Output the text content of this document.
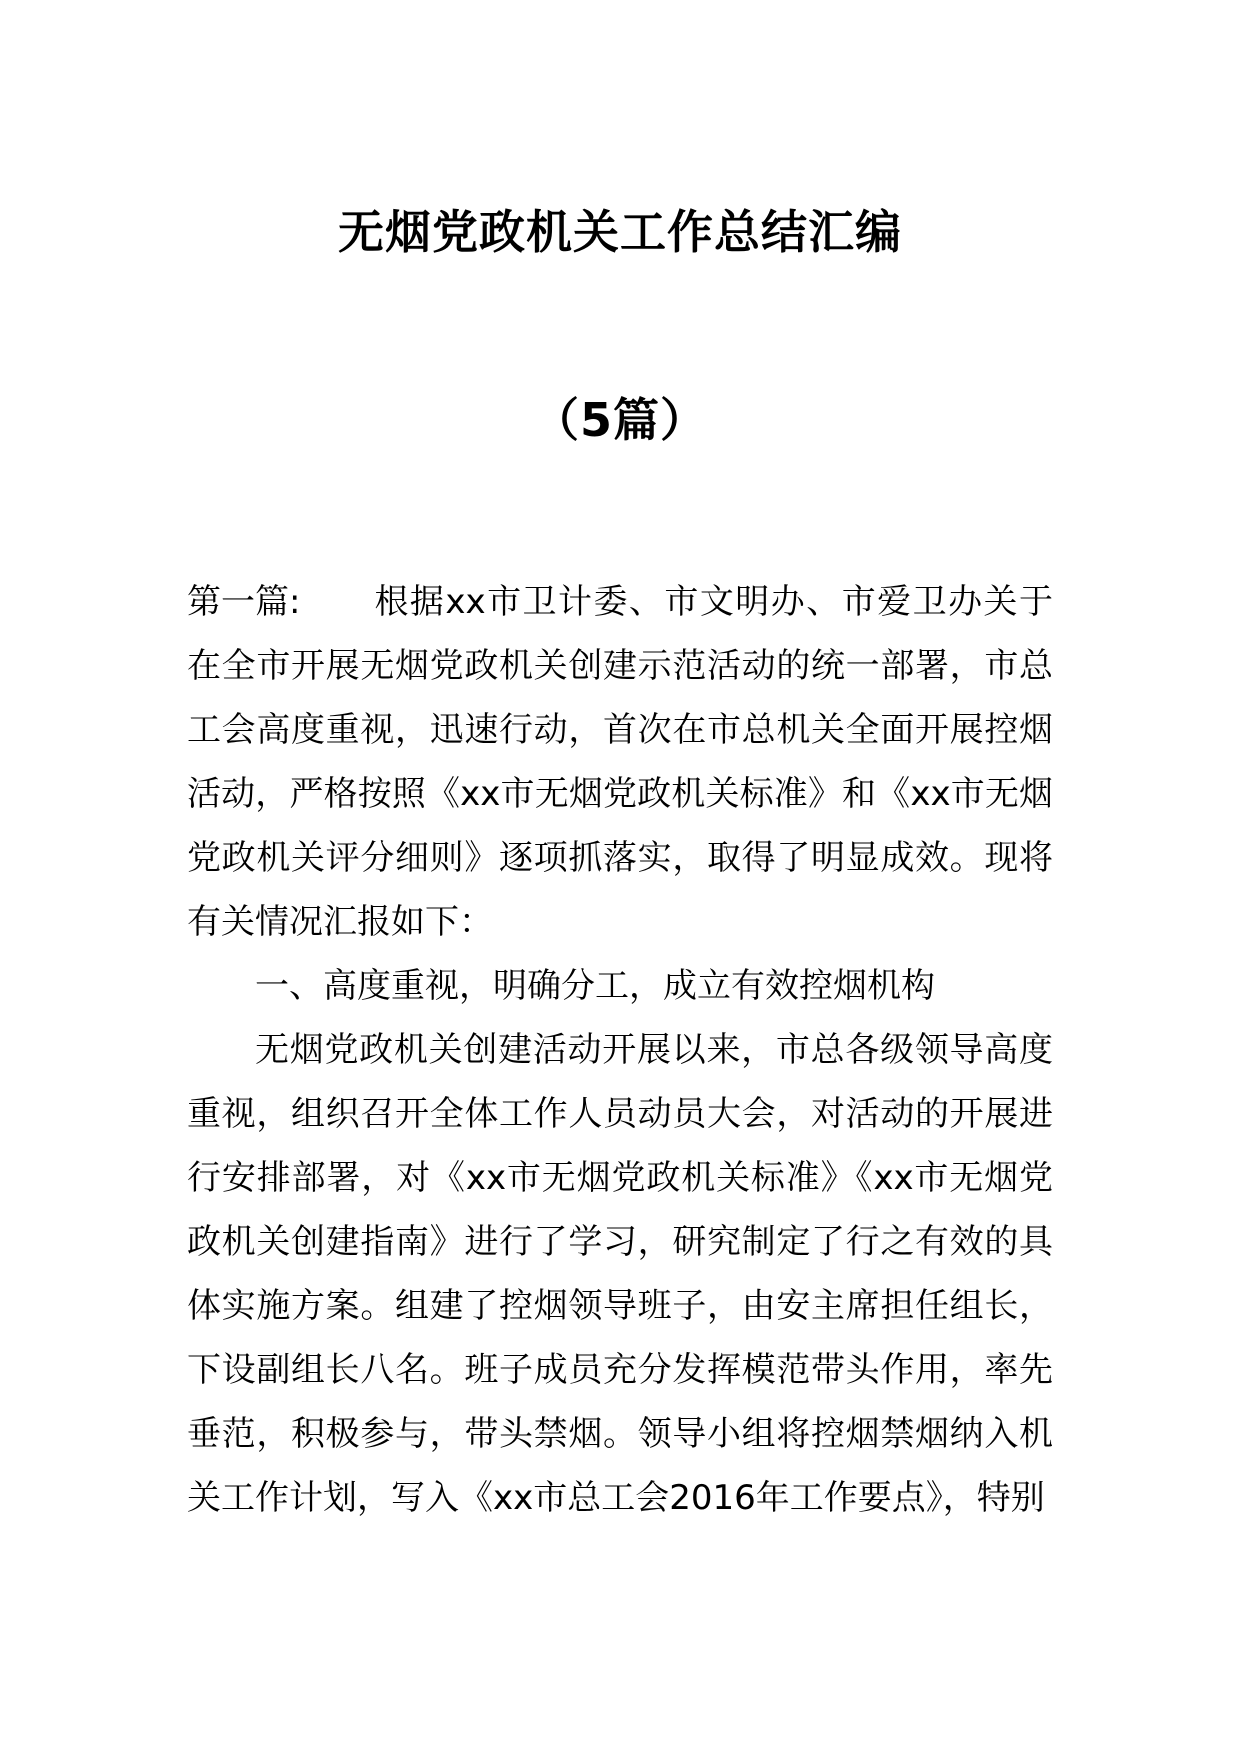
无烟党政机关工作总结汇编
（5篇）

第一篇: 根据xx市卫计委、市文明办、市爱卫办关于在全市开展无烟党政机关创建示范活动的统一部署，市总工会高度重视，迅速行动，首次在市总机关全面开展控烟活动，严格按照《xx市无烟党政机关标准》和《xx市无烟党政机关评分细则》逐项抓落实，取得了明显成效。现将有关情况汇报如下：

一、高度重视，明确分工，成立有效控烟机构

无烟党政机关创建活动开展以来，市总各级领导高度重视，组织召开全体工作人员动员大会，对活动的开展进行安排部署，对《xx市无烟党政机关标准》《xx市无烟党政机关创建指南》进行了学习，研究制定了行之有效的具体实施方案。组建了控烟领导班子，由安主席担任组长，下设副组长八名。班子成员充分发挥模范带头作用，率先垂范，积极参与，带头禁烟。领导小组将控烟禁烟纳入机关工作计划，写入《xx市总工会2016年工作要点》，特别
